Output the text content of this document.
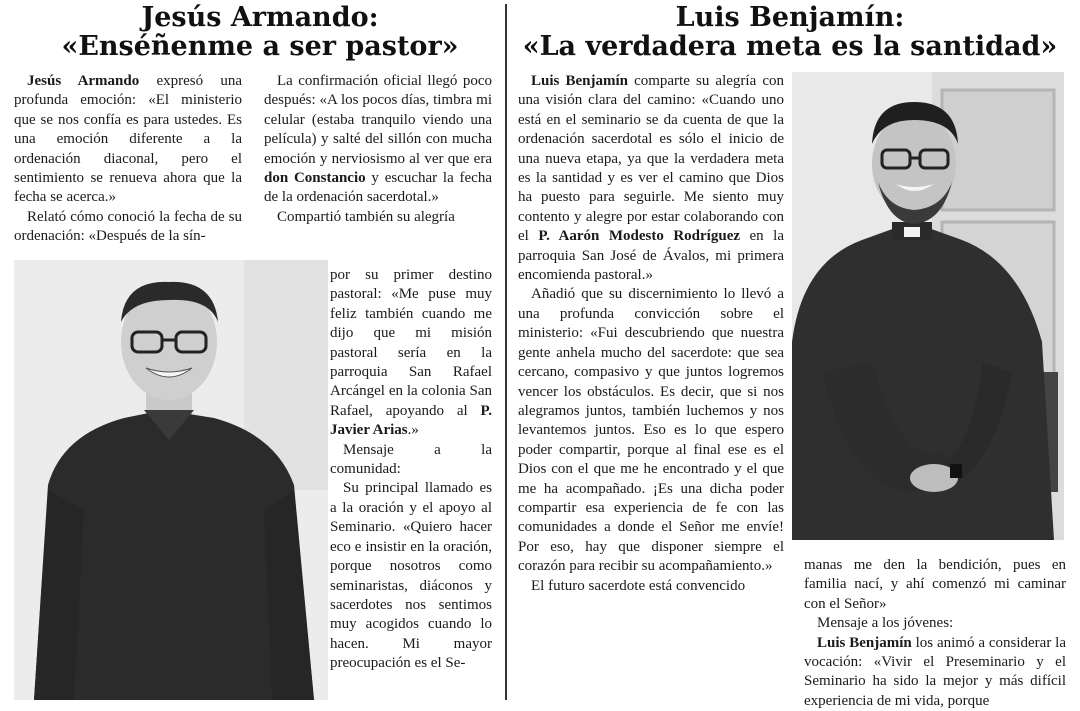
Jesús Armando:
«Enséñenme a ser pastor»

Jesús Armando expresó una profunda emoción: «El ministerio que se nos confía es para ustedes. Es una emoción diferente a la ordenación diaconal, pero el sentimiento se renueva ahora que la fecha se acerca.»

Relató cómo conoció la fecha de su ordenación: «Después de la sín-

La confirmación oficial llegó poco después: «A los pocos días, timbra mi celular (estaba tranquilo viendo una película) y salté del sillón con mucha emoción y nerviosismo al ver que era don Constancio y escuchar la fecha de la ordenación sacerdotal.»

Compartió también su alegría

por su primer destino pastoral: «Me puse muy feliz también cuando me dijo que mi misión pastoral sería en la parroquia San Rafael Arcángel en la colonia San Rafael, apoyando al P. Javier Arias.»

Mensaje a la comunidad:

Su principal llamado es a la oración y el apoyo al Seminario. «Quiero hacer eco e insistir en la oración, porque nosotros como seminaristas, diáconos y sacerdotes nos sentimos muy acogidos cuando lo hacen. Mi mayor preocupación es el Se-

Luis Benjamín:
«La verdadera meta es la santidad»

Luis Benjamín comparte su alegría con una visión clara del camino: «Cuando uno está en el seminario se da cuenta de que la ordenación sacerdotal es sólo el inicio de una nueva etapa, ya que la verdadera meta es la santidad y es ver el camino que Dios ha puesto para seguirle. Me siento muy contento y alegre por estar colaborando con el P. Aarón Modesto Rodríguez en la parroquia San José de Ávalos, mi primera encomienda pastoral.»

Añadió que su discernimiento lo llevó a una profunda convicción sobre el ministerio: «Fui descubriendo que nuestra gente anhela mucho del sacerdote: que sea cercano, compasivo y que juntos logremos vencer los obstáculos. Es decir, que si nos alegramos juntos, también luchemos y nos levantemos juntos. Eso es lo que espero poder compartir, porque al final ese es el Dios con el que me he encontrado y el que me ha acompañado. ¡Es una dicha poder compartir esa experiencia de fe con las comunidades a donde el Señor me envíe! Por eso, hay que disponer siempre el corazón para recibir su acompañamiento.»

El futuro sacerdote está convencido

manas me den la bendición, pues en familia nací, y ahí comenzó mi caminar con el Señor»

Mensaje a los jóvenes:

Luis Benjamín los animó a considerar la vocación: «Vivir el Preseminario y el Seminario ha sido la mejor y más difícil experiencia de mi vida, porque
